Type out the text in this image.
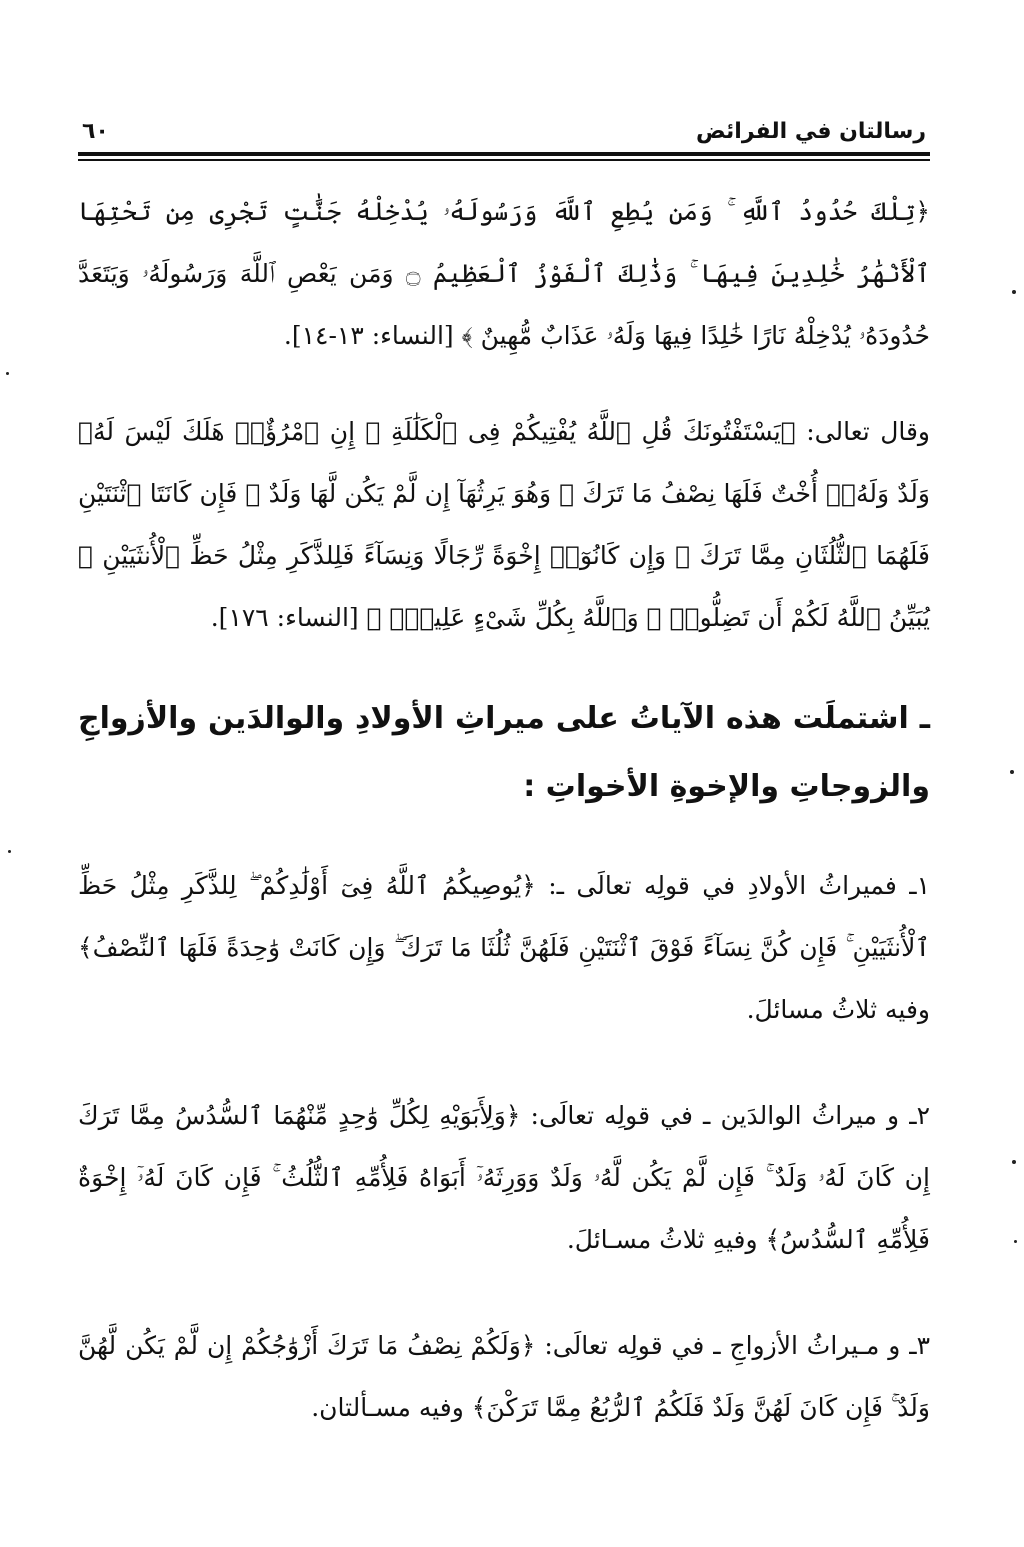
رسالتان في الفرائض
٦٠

﴿تِلْكَ حُدُودُ ٱللَّهِ ۚ وَمَن يُطِعِ ٱللَّهَ وَرَسُولَهُۥ يُدْخِلْهُ جَنَّٰتٍ تَجْرِى مِن تَحْتِهَا ٱلْأَنْهَٰرُ خَٰلِدِينَ فِيهَا ۚ وَذَٰلِكَ ٱلْفَوْزُ ٱلْعَظِيمُ ۝ وَمَن يَعْصِ ٱللَّهَ وَرَسُولَهُۥ وَيَتَعَدَّ حُدُودَهُۥ يُدْخِلْهُ نَارًا خَٰلِدًا فِيهَا وَلَهُۥ عَذَابٌ مُّهِينٌ ﴾ [النساء: ١٣-١٤].

وقال تعالى: ﴿يَسْتَفْتُونَكَ قُلِ ٱللَّهُ يُفْتِيكُمْ فِى ٱلْكَلَٰلَةِ ۚ إِنِ ٱمْرُؤٌا۟ هَلَكَ لَيْسَ لَهُۥ وَلَدٌ وَلَهُۥٓ أُخْتٌ فَلَهَا نِصْفُ مَا تَرَكَ ۚ وَهُوَ يَرِثُهَآ إِن لَّمْ يَكُن لَّهَا وَلَدٌ ۚ فَإِن كَانَتَا ٱثْنَتَيْنِ فَلَهُمَا ٱلثُّلُثَانِ مِمَّا تَرَكَ ۚ وَإِن كَانُوٓا۟ إِخْوَةً رِّجَالًا وَنِسَآءً فَلِلذَّكَرِ مِثْلُ حَظِّ ٱلْأُنثَيَيْنِ ۗ يُبَيِّنُ ٱللَّهُ لَكُمْ أَن تَضِلُّوا۟ ۗ وَٱللَّهُ بِكُلِّ شَىْءٍ عَلِيمٌۢ ﴾ [النساء: ١٧٦].

ـ اشتملَت هذه الآياتُ على ميراثِ الأولادِ والوالدَين والأزواجِ والزوجاتِ والإخوةِ الأخواتِ :

١ـ فميراثُ الأولادِ في قولِه تعالَى ـ: ﴿يُوصِيكُمُ ٱللَّهُ فِىٓ أَوْلَٰدِكُمْ ۖ لِلذَّكَرِ مِثْلُ حَظِّ ٱلْأُنثَيَيْنِ ۚ فَإِن كُنَّ نِسَآءً فَوْقَ ٱثْنَتَيْنِ فَلَهُنَّ ثُلُثَا مَا تَرَكَ ۖ وَإِن كَانَتْ وَٰحِدَةً فَلَهَا ٱلنِّصْفُ﴾ وفيه ثلاثُ مسائلَ.

٢ـ و ميراثُ الوالدَين ـ في قولِه تعالَى: ﴿وَلِأَبَوَيْهِ لِكُلِّ وَٰحِدٍ مِّنْهُمَا ٱلسُّدُسُ مِمَّا تَرَكَ إِن كَانَ لَهُۥ وَلَدٌ ۚ فَإِن لَّمْ يَكُن لَّهُۥ وَلَدٌ وَوَرِثَهُۥٓ أَبَوَاهُ فَلِأُمِّهِ ٱلثُّلُثُ ۚ فَإِن كَانَ لَهُۥٓ إِخْوَةٌ فَلِأُمِّهِ ٱلسُّدُسُ﴾ وفيهِ ثلاثُ مسـائلَ.

٣ـ و مـيراثُ الأزواجِ ـ في قولِه تعالَى: ﴿وَلَكُمْ نِصْفُ مَا تَرَكَ أَزْوَٰجُكُمْ إِن لَّمْ يَكُن لَّهُنَّ وَلَدٌ ۚ فَإِن كَانَ لَهُنَّ وَلَدٌ فَلَكُمُ ٱلرُّبُعُ مِمَّا تَرَكْنَ﴾ وفيه مسـألتان.
